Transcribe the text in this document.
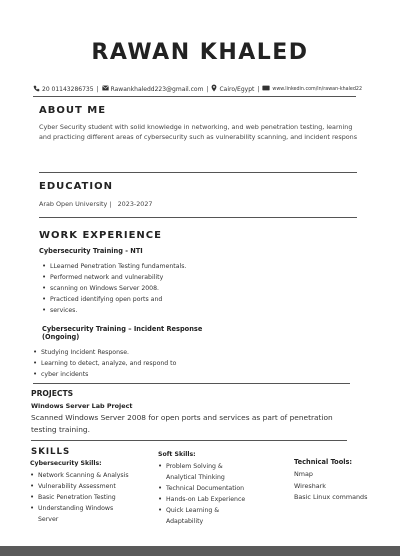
RAWAN KHALED
20 01143286735 | Rawankhaledd223@gmail.com | Cairo/Egypt |	www.linkedin.com/in/rawan-khaled22
ABOUT ME
Cyber Security student with solid knowledge in networking, and web penetration testing, learning and practicing different areas of cybersecurity such as vulnerability scanning, and incident respons
EDUCATION
Arab Open University |   2023-2027
WORK EXPERIENCE
Cybersecurity Training - NTI
• LLearned Penetration Testing fundamentals.
• Performed network and vulnerability
• scanning on Windows Server 2008.
• Practiced identifying open ports and
• services.
Cybersecurity Training – Incident Response (Ongoing)
• Studying Incident Response.
• Learning to detect, analyze, and respond to
• cyber incidents
PROJECTS
Windows Server Lab Project
Scanned Windows Server 2008 for open ports and services as part of penetration testing training.
SKILLS
Cybersecurity Skills:
• Network Scanning & Analysis
• Vulnerability Assessment
• Basic Penetration Testing
• Understanding Windows Server
Soft Skills:
• Problem Solving & Analytical Thinking
• Technical Documentation
• Hands-on Lab Experience
• Quick Learning & Adaptability
Technical Tools:
Nmap
Wireshark
Basic Linux commands
